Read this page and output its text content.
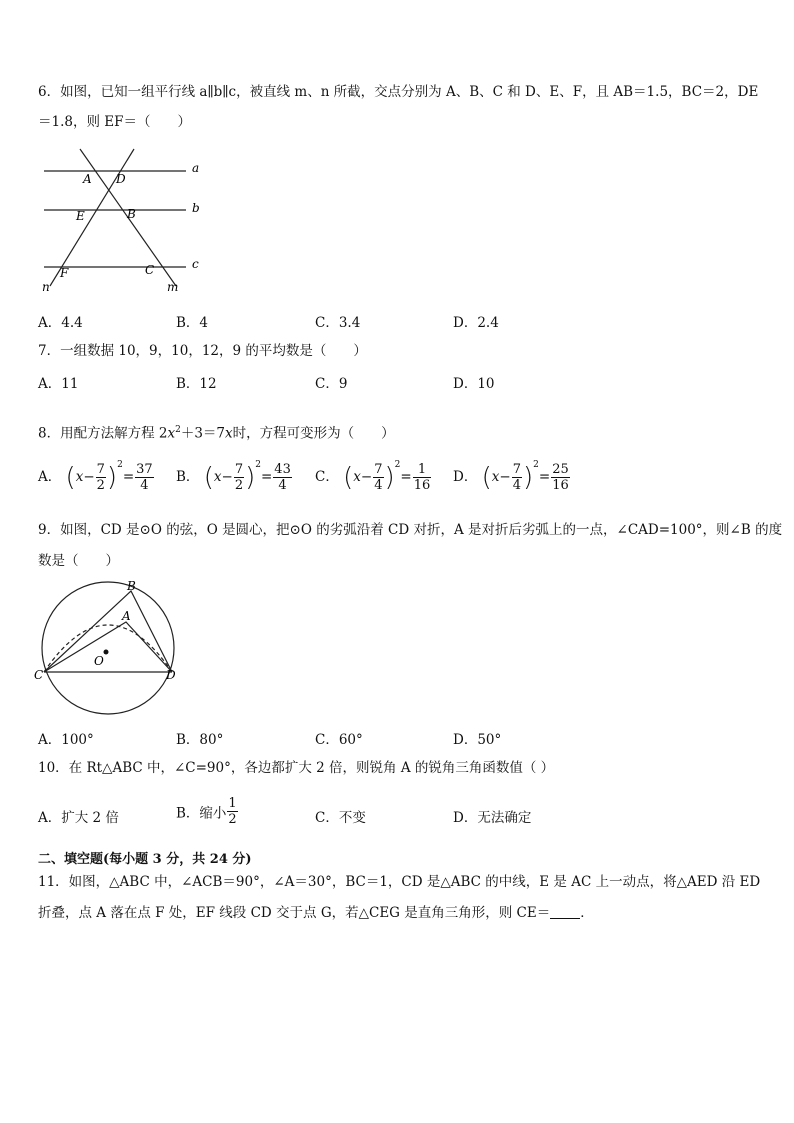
6．如图，已知一组平行线 a∥b∥c，被直线 m、n 所截，交点分别为 A、B、C 和 D、E、F，且 AB＝1.5，BC＝2，DE
＝1.8，则 EF＝（　　）
a
b
c
A D
E	B
F	C
n	m
A．4.4	B．4	C．3.4	D．2.4
7．一组数据 10，9，10，12，9 的平均数是（　　）
A．11	B．12	C．9	D．10
8．用配方法解方程 $2x^2+3=7x$时，方程可变形为（　　）
A． $(x- \frac{7}{2} )^2= \frac{37}{4}$ B． $(x- \frac{7}{2} )^2= \frac{43}{4}$ C． $(x- \frac{7}{4} )^2= \frac{1}{16}$ D． $(x- \frac{7}{4} )^2= \frac{25}{16}$
9．如图，CD 是⊙O 的弦，O 是圆心，把⊙O 的劣弧沿着 CD 对折，A 是对折后劣弧上的一点，∠CAD=100°，则∠B 的度
数是（　　）
B
A
O
C	D
A．100°	B．80°	C．60°	D．50°
10．在 Rt△ABC 中，∠C=90°，各边都扩大 2 倍，则锐角 A 的锐角三角函数值（ ）
A．扩大 2 倍	B．缩小 $\frac{1}{2}$	C．不变	D．无法确定
二、填空题(每小题 3 分，共 24 分)
11．如图，△ABC 中，∠ACB＝90°，∠A＝30°，BC＝1，CD 是△ABC 的中线，E 是 AC 上一动点，将△AED 沿 ED
折叠，点 A 落在点 F 处，EF 线段 CD 交于点 G，若△CEG 是直角三角形，则 CE＝ ．
